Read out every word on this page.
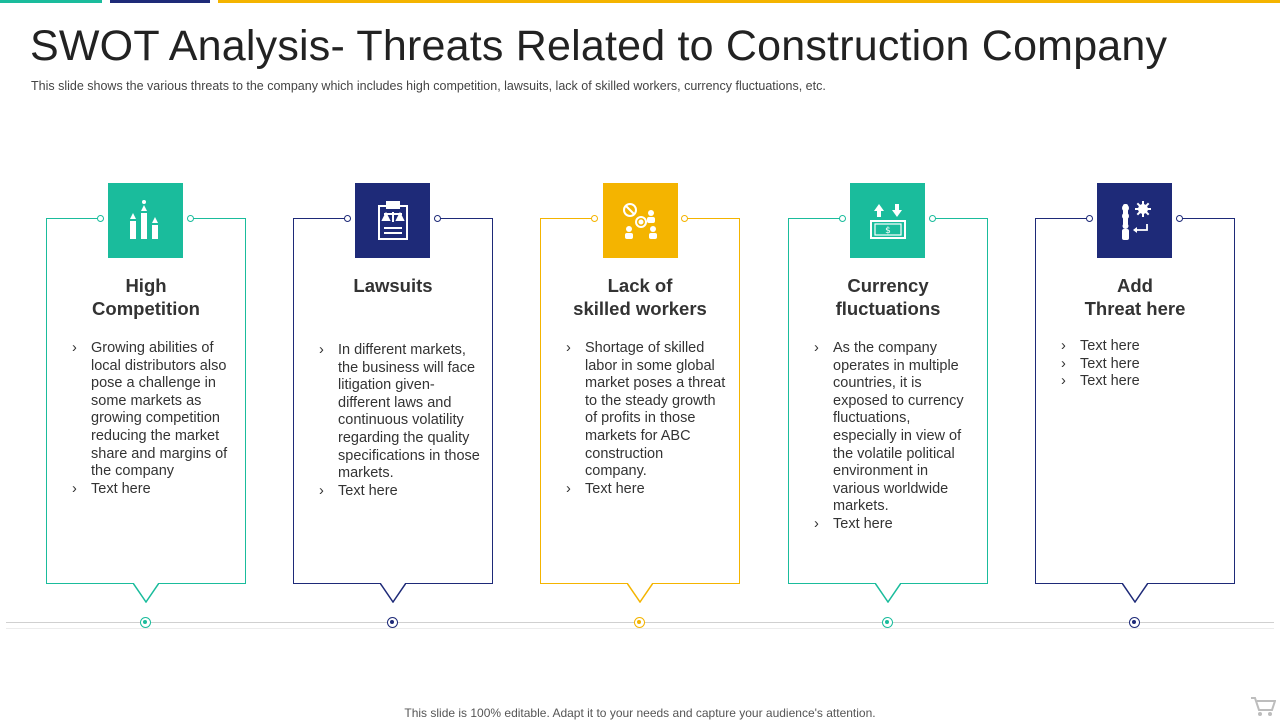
SWOT Analysis- Threats Related to Construction Company
This slide shows the various threats to the company which includes high competition, lawsuits, lack of skilled workers, currency fluctuations, etc.
High
Competition
› Growing abilities of local distributors also pose a challenge in some markets as growing competition reducing the market share and margins of the company
› Text here
Lawsuits
› In different markets, the business will face litigation given- different laws and continuous volatility regarding the quality specifications in those markets.
› Text here
Lack of
skilled workers
› Shortage of skilled labor in some global market poses a threat to the steady growth of profits in those markets for ABC construction company.
› Text here
Currency
fluctuations
› As the company operates in multiple countries, it is exposed to currency fluctuations, especially in view of the volatile political environment in various worldwide markets.
› Text here
$
Add
Threat here
› Text here
› Text here
› Text here
This slide is 100% editable. Adapt it to your needs and capture your audience's attention.
